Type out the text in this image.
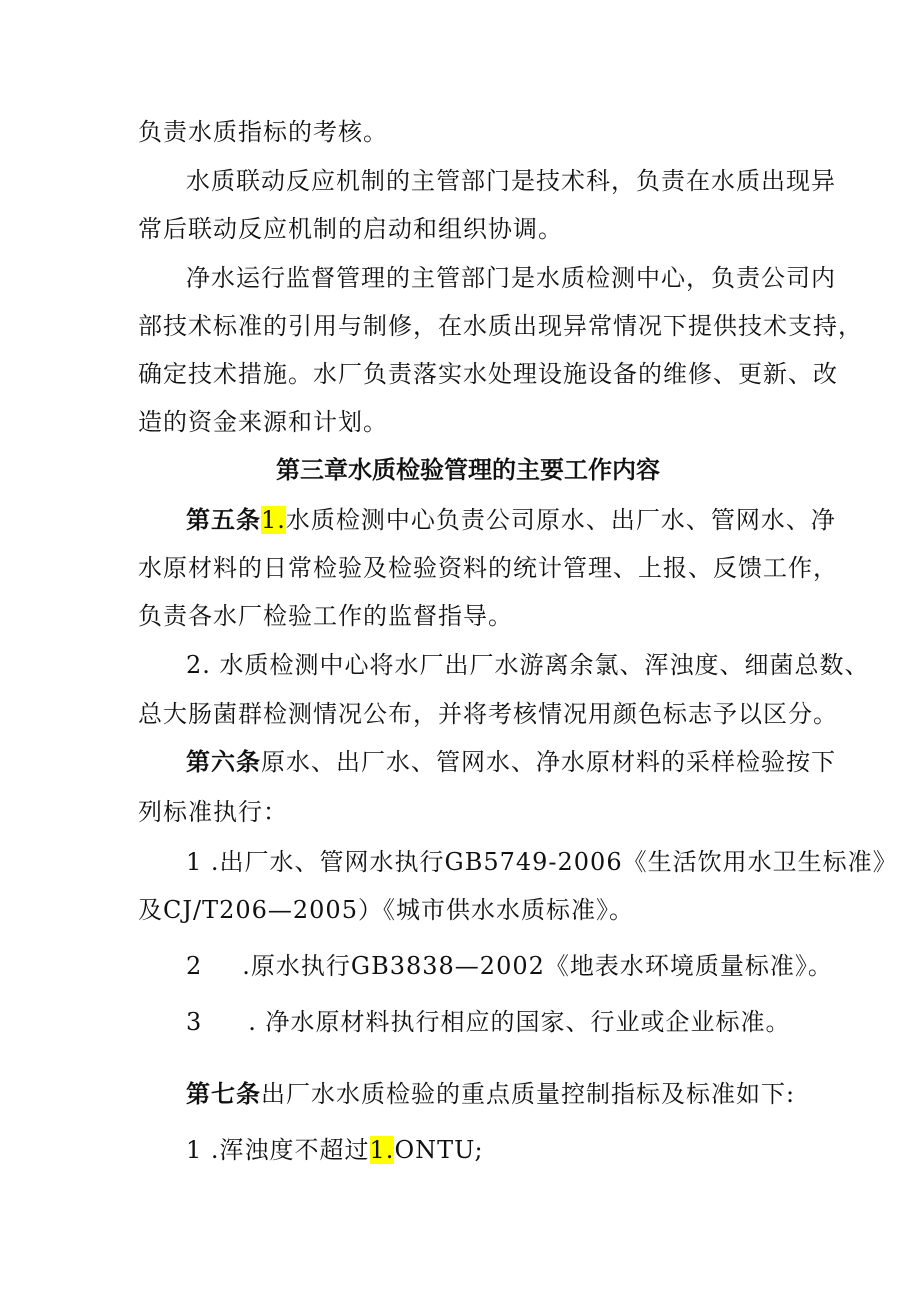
负责水质指标的考核。
水质联动反应机制的主管部门是技术科，负责在水质出现异
常后联动反应机制的启动和组织协调。
净水运行监督管理的主管部门是水质检测中心，负责公司内
部技术标准的引用与制修，在水质出现异常情况下提供技术支持，
确定技术措施。水厂负责落实水处理设施设备的维修、更新、改
造的资金来源和计划。
第三章水质检验管理的主要工作内容
第五条1.水质检测中心负责公司原水、出厂水、管网水、净
水原材料的日常检验及检验资料的统计管理、上报、反馈工作，
负责各水厂检验工作的监督指导。
2. 水质检测中心将水厂出厂水游离余氯、浑浊度、细菌总数、
总大肠菌群检测情况公布，并将考核情况用颜色标志予以区分。
第六条原水、出厂水、管网水、净水原材料的采样检验按下
列标准执行：
1 .出厂水、管网水执行GB5749-2006《生活饮用水卫生标准》
及CJ/T206—2005）《城市供水水质标准》。
2 .原水执行GB3838—2002《地表水环境质量标准》。
3 . 净水原材料执行相应的国家、行业或企业标准。
第七条出厂水水质检验的重点质量控制指标及标准如下:
1 .浑浊度不超过1.ONTU;
